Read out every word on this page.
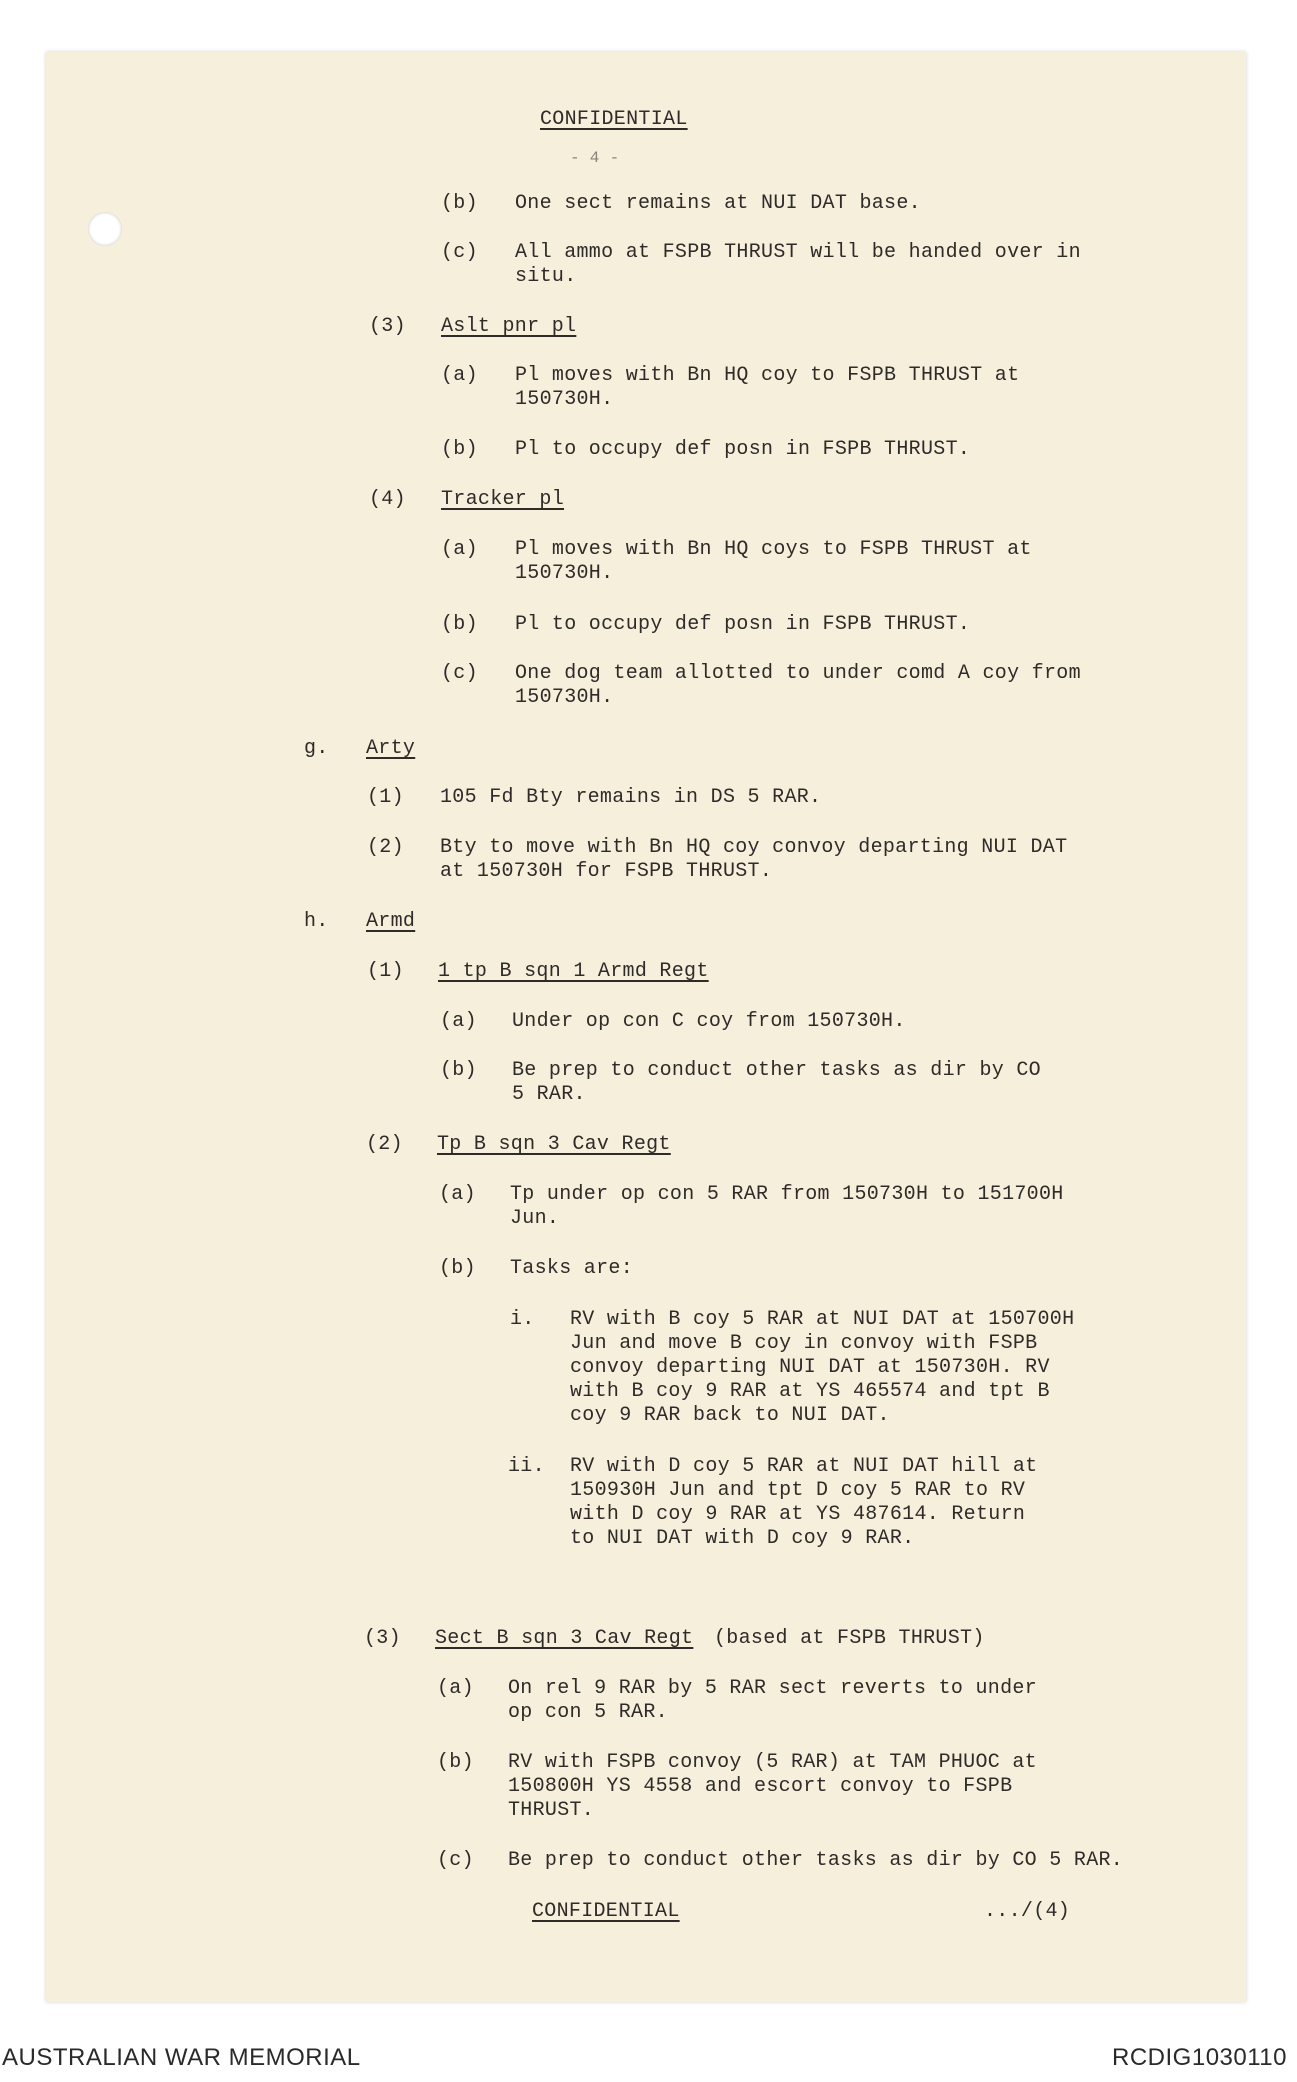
CONFIDENTIAL
- 4 -
(b) One sect remains at NUI DAT base.
(c) All ammo at FSPB THRUST will be handed over in
situ.
(3) Aslt pnr pl
(a) Pl moves with Bn HQ coy to FSPB THRUST at
150730H.
(b) Pl to occupy def posn in FSPB THRUST.
(4) Tracker pl
(a) Pl moves with Bn HQ coys to FSPB THRUST at
150730H.
(b) Pl to occupy def posn in FSPB THRUST.
(c) One dog team allotted to under comd A coy from
150730H.
g. Arty
(1) 105 Fd Bty remains in DS 5 RAR.
(2) Bty to move with Bn HQ coy convoy departing NUI DAT
at 150730H for FSPB THRUST.
h. Armd
(1) 1 tp B sqn 1 Armd Regt
(a) Under op con C coy from 150730H.
(b) Be prep to conduct other tasks as dir by CO
5 RAR.
(2) Tp B sqn 3 Cav Regt
(a) Tp under op con 5 RAR from 150730H to 151700H
Jun.
(b) Tasks are:
i. RV with B coy 5 RAR at NUI DAT at 150700H
Jun and move B coy in convoy with FSPB
convoy departing NUI DAT at 150730H. RV
with B coy 9 RAR at YS 465574 and tpt B
coy 9 RAR back to NUI DAT.
ii. RV with D coy 5 RAR at NUI DAT hill at
150930H Jun and tpt D coy 5 RAR to RV
with D coy 9 RAR at YS 487614. Return
to NUI DAT with D coy 9 RAR.
(3) Sect B sqn 3 Cav Regt (based at FSPB THRUST)
(a) On rel 9 RAR by 5 RAR sect reverts to under
op con 5 RAR.
(b) RV with FSPB convoy (5 RAR) at TAM PHUOC at
150800H YS 4558 and escort convoy to FSPB
THRUST.
(c) Be prep to conduct other tasks as dir by CO 5 RAR.
CONFIDENTIAL	.../(4)
AUSTRALIAN WAR MEMORIAL	RCDIG1030110
